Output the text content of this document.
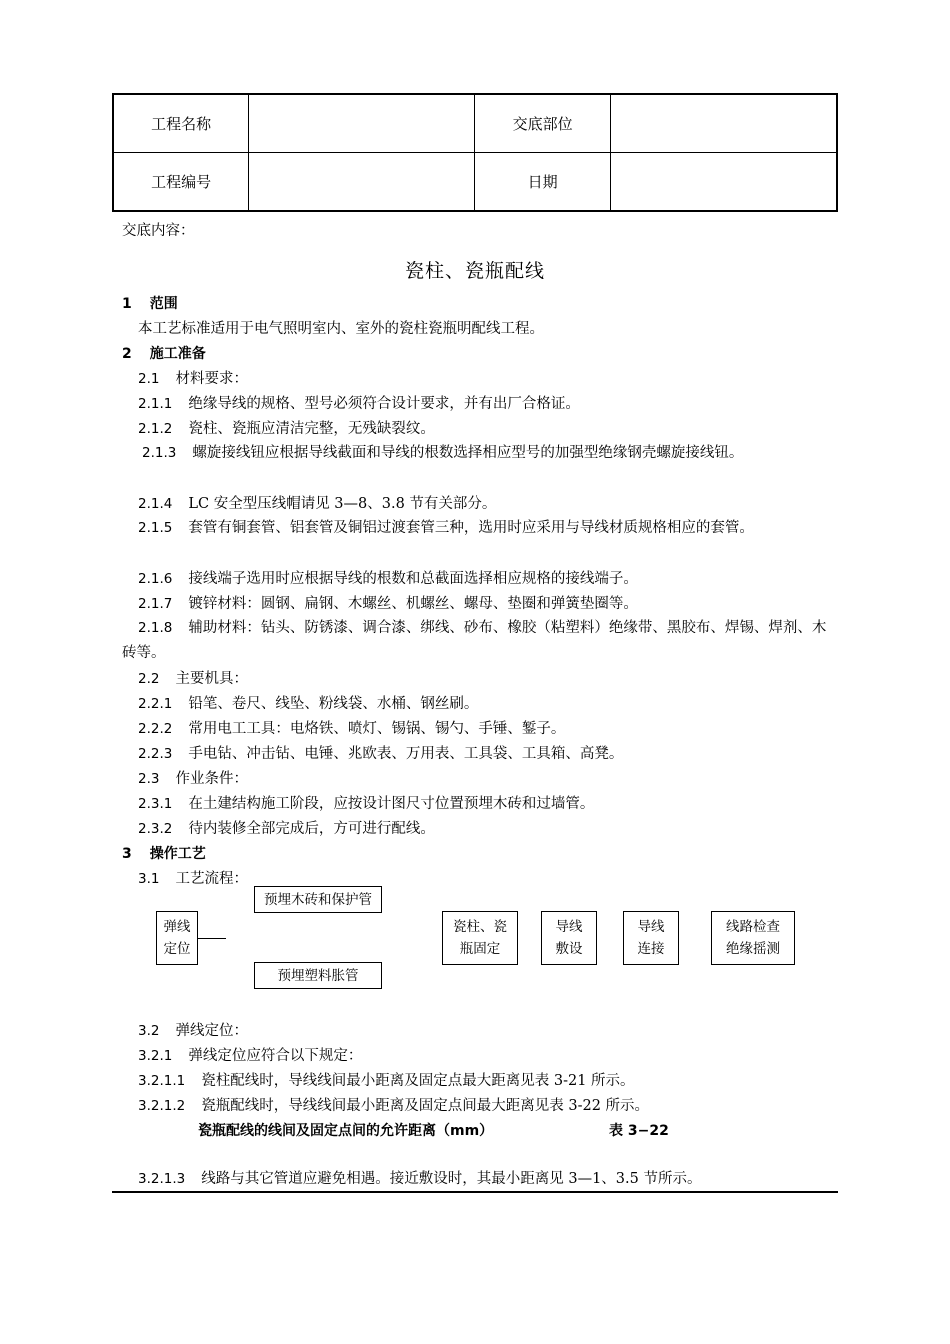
工程名称		交底部位	
工程编号		日期	
交底内容：
瓷柱、瓷瓶配线
1 范围
本工艺标准适用于电气照明室内、室外的瓷柱瓷瓶明配线工程。
2 施工准备
2.1 材料要求：
2.1.1 绝缘导线的规格、型号必须符合设计要求，并有出厂合格证。
2.1.2 瓷柱、瓷瓶应清洁完整，无残缺裂纹。
2.1.3 螺旋接线钮应根据导线截面和导线的根数选择相应型号的加强型绝缘钢壳螺旋接线钮。
2.1.4 LC 安全型压线帽请见 3—8、3.8 节有关部分。
2.1.5 套管有铜套管、铝套管及铜铝过渡套管三种，选用时应采用与导线材质规格相应的套管。
2.1.6 接线端子选用时应根据导线的根数和总截面选择相应规格的接线端子。
2.1.7 镀锌材料：圆钢、扁钢、木螺丝、机螺丝、螺母、垫圈和弹簧垫圈等。
2.1.8 辅助材料：钻头、防锈漆、调合漆、绑线、砂布、橡胶（粘塑料）绝缘带、黑胶布、焊锡、焊剂、木砖等。
2.2 主要机具：
2.2.1 铅笔、卷尺、线坠、粉线袋、水桶、钢丝刷。
2.2.2 常用电工工具：电烙铁、喷灯、锡锅、锡勺、手锤、錾子。
2.2.3 手电钻、冲击钻、电锤、兆欧表、万用表、工具袋、工具箱、高凳。
2.3 作业条件：
2.3.1 在土建结构施工阶段，应按设计图尺寸位置预埋木砖和过墙管。
2.3.2 待内装修全部完成后，方可进行配线。
3 操作工艺
3.1 工艺流程：
弹线
定位
预埋木砖和保护管
预埋塑料胀管
瓷柱、瓷
瓶固定
导线
敷设
导线
连接
线路检查
绝缘摇测
3.2 弹线定位：
3.2.1 弹线定位应符合以下规定：
3.2.1.1 瓷柱配线时，导线线间最小距离及固定点最大距离见表 3-21 所示。
3.2.1.2 瓷瓶配线时，导线线间最小距离及固定点间最大距离见表 3-22 所示。
瓷瓶配线的线间及固定点间的允许距离（mm）	表 3−22
3.2.1.3 线路与其它管道应避免相遇。接近敷设时，其最小距离见 3—1、3.5 节所示。
